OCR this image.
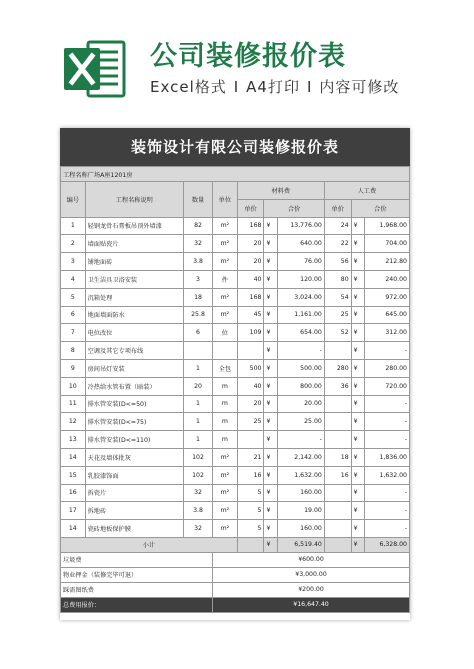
公司装修报价表
Excel格式 I A4打印 I 内容可修改
装饰设计有限公司装修报价表
工程名称广场A座1201房									
编号	工程名称说明	数量	单位	材料费			人工费		
				单价	合价		单价	合价	
1	轻钢龙骨石膏板吊顶外墙漆	82	m²	168	¥	13,776.00	24	¥	1,968.00
2	墙面贴瓷片	32	m²	20	¥	640.00	22	¥	704.00
3	铺地面砖	3.8	m²	20	¥	76.00	56	¥	212.80
4	卫生洁具卫浴安装	3	件	40	¥	120.00	80	¥	240.00
5	沉箱处理	18	m²	168	¥	3,024.00	54	¥	972.00
6	地面墙面防水	25.8	m²	45	¥	1,161.00	25	¥	645.00
7	电位改位	6	位	109	¥	654.00	52	¥	312.00
8	空调及其它专项布线				¥	-		¥	-
9	房间吊灯安装	1	全包	500	¥	500.00	280	¥	280.00
10	冷热给水管布置（暗装）	20	m	40	¥	800.00	36	¥	720.00
11	排水管安装(D<=50)	1	m	20	¥	20.00		¥	-
12	排水管安装(D<=75)	1	m	25	¥	25.00		¥	-
13	排水管安装(D<=110)	1	m		¥	-		¥	-
14	天花及墙体批灰	102	m²	21	¥	2,142.00	18	¥	1,836.00
15	乳胶漆饰面	102	m²	16	¥	1,632.00	16	¥	1,632.00
16	拆瓷片	32	m²	5	¥	160.00		¥	-
17	拆地砖	3.8	m²	5	¥	19.00		¥	-
14	瓷砖地板保护膜	32	m²	5	¥	160.00		¥	-
小计					¥	6,519.40		¥	6,328.00
垃圾费			¥600.00						
物业押金（装修完毕可退）			¥3,000.00						
踩需图纸费			¥200.00						
总费用报价：			¥16,647.40						
